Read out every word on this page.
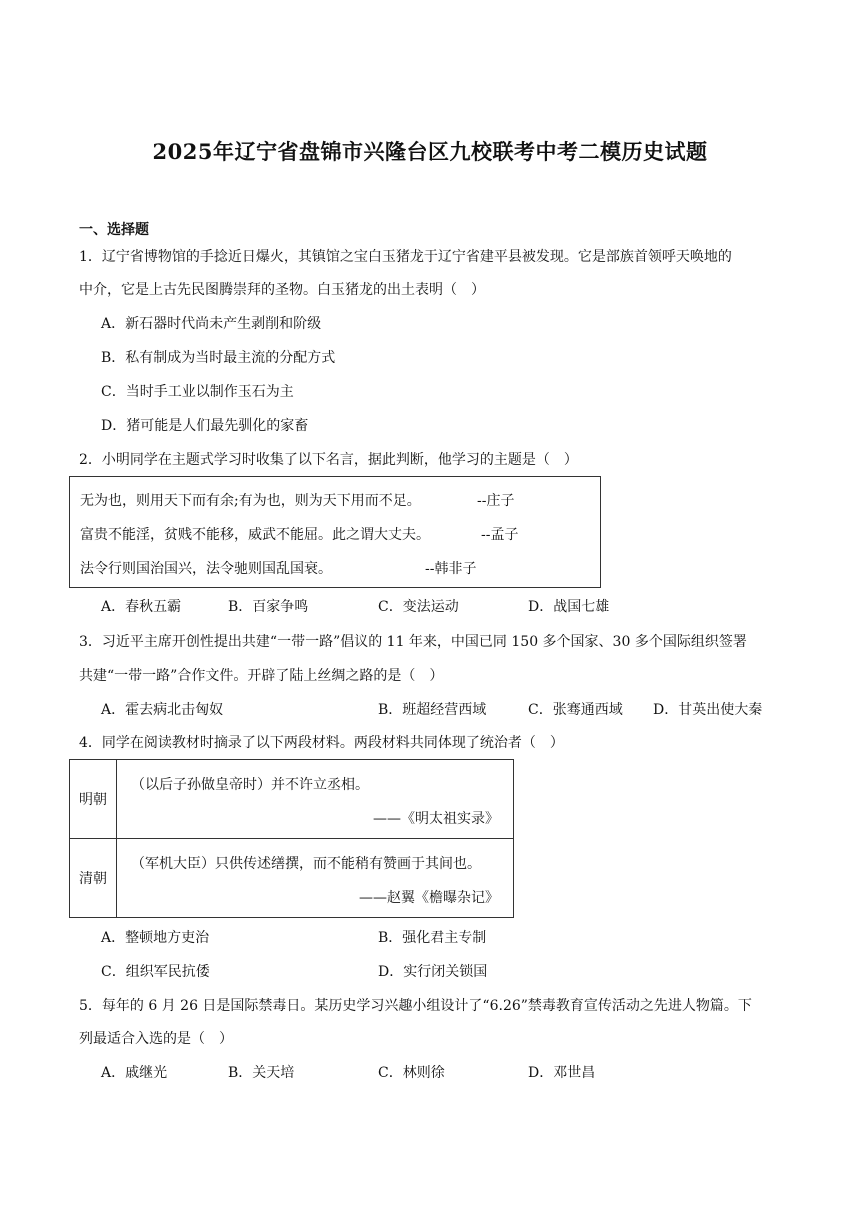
2025年辽宁省盘锦市兴隆台区九校联考中考二模历史试题
一、选择题
1．辽宁省博物馆的手捻近日爆火，其镇馆之宝白玉猪龙于辽宁省建平县被发现。它是部族首领呼天唤地的
中介，它是上古先民图腾崇拜的圣物。白玉猪龙的出土表明（　）
A．新石器时代尚未产生剥削和阶级
B．私有制成为当时最主流的分配方式
C．当时手工业以制作玉石为主
D．猪可能是人们最先驯化的家畜
2．小明同学在主题式学习时收集了以下名言，据此判断，他学习的主题是（　）
无为也，则用天下而有余;有为也，则为天下用而不足。	--庄子
富贵不能淫，贫贱不能移，威武不能屈。此之谓大丈夫。	--孟子
法令行则国治国兴，法令驰则国乱国衰。	--韩非子
A．春秋五霸	B．百家争鸣	C．变法运动	D．战国七雄
3．习近平主席开创性提出共建“一带一路”倡议的 11 年来，中国已同 150 多个国家、30 多个国际组织签署
共建“一带一路”合作文件。开辟了陆上丝绸之路的是（　）
A．霍去病北击匈奴	B．班超经营西域	C．张骞通西域 D．甘英出使大秦
4．同学在阅读教材时摘录了以下两段材料。两段材料共同体现了统治者（　）
明朝	（以后子孙做皇帝时）并不许立丞相。
——《明太祖实录》

清朝	（军机大臣）只供传述缮撰，而不能稍有赞画于其间也。
——赵翼《檐曝杂记》
A．整顿地方吏治	B．强化君主专制
C．组织军民抗倭	D．实行闭关锁国
5．每年的 6 月 26 日是国际禁毒日。某历史学习兴趣小组设计了“6.26”禁毒教育宣传活动之先进人物篇。下
列最适合入选的是（　）
A．戚继光	B．关天培	C．林则徐	D．邓世昌
